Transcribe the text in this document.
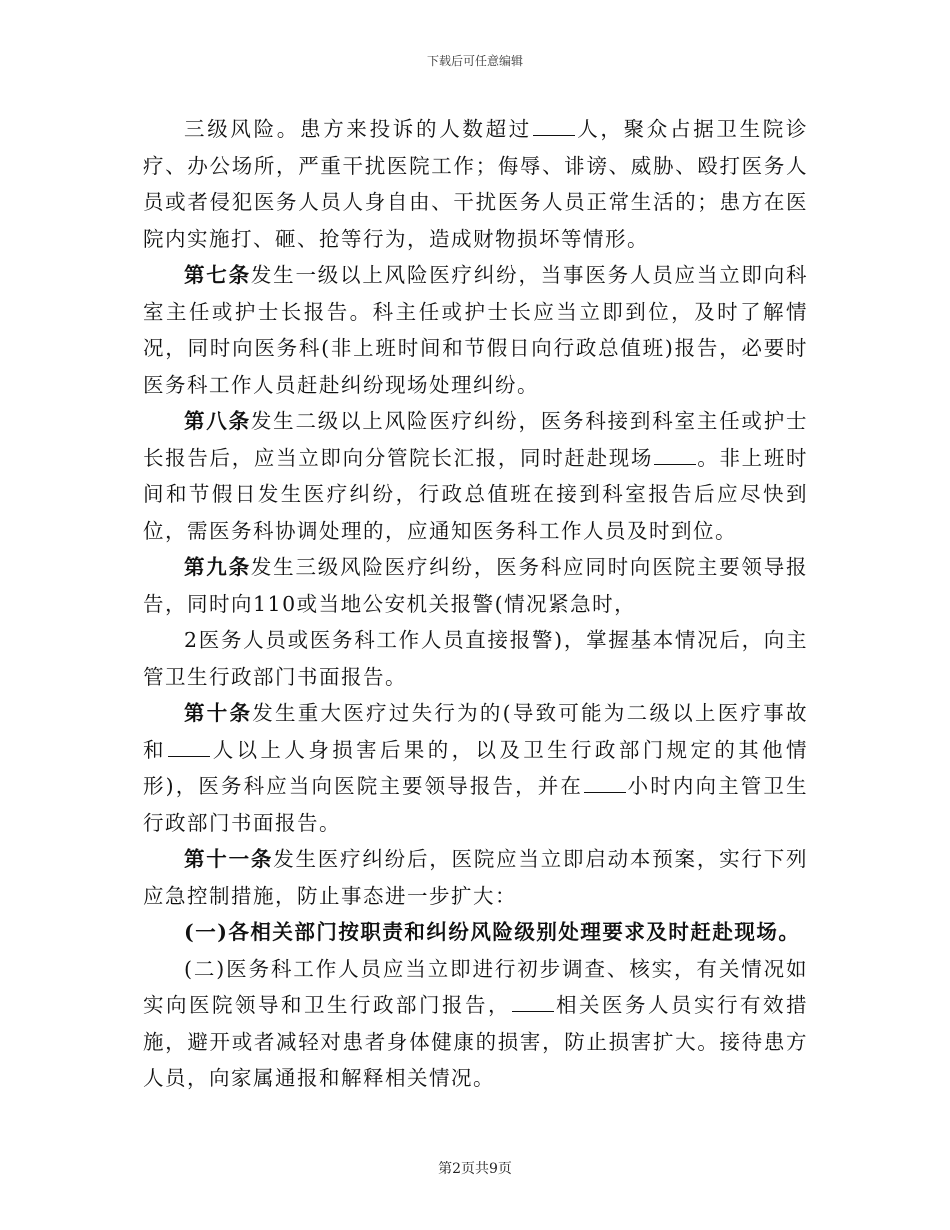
下载后可任意编辑

三级风险。患方来投诉的人数超过 人，聚众占据卫生院诊疗、办公场所，严重干扰医院工作；侮辱、诽谤、威胁、殴打医务人员或者侵犯医务人员人身自由、干扰医务人员正常生活的；患方在医院内实施打、砸、抢等行为，造成财物损坏等情形。

第七条发生一级以上风险医疗纠纷，当事医务人员应当立即向科室主任或护士长报告。科主任或护士长应当立即到位，及时了解情况，同时向医务科(非上班时间和节假日向行政总值班)报告，必要时医务科工作人员赶赴纠纷现场处理纠纷。

第八条发生二级以上风险医疗纠纷，医务科接到科室主任或护士长报告后，应当立即向分管院长汇报，同时赶赴现场 。非上班时间和节假日发生医疗纠纷，行政总值班在接到科室报告后应尽快到位，需医务科协调处理的，应通知医务科工作人员及时到位。

第九条发生三级风险医疗纠纷，医务科应同时向医院主要领导报告，同时向110或当地公安机关报警(情况紧急时，

2医务人员或医务科工作人员直接报警)，掌握基本情况后，向主管卫生行政部门书面报告。

第十条发生重大医疗过失行为的(导致可能为二级以上医疗事故和 人以上人身损害后果的，以及卫生行政部门规定的其他情形)，医务科应当向医院主要领导报告，并在 小时内向主管卫生行政部门书面报告。

第十一条发生医疗纠纷后，医院应当立即启动本预案，实行下列应急控制措施，防止事态进一步扩大：

(一)各相关部门按职责和纠纷风险级别处理要求及时赶赴现场。

(二)医务科工作人员应当立即进行初步调查、核实，有关情况如实向医院领导和卫生行政部门报告， 相关医务人员实行有效措施，避开或者减轻对患者身体健康的损害，防止损害扩大。接待患方人员，向家属通报和解释相关情况。

第2页共9页
